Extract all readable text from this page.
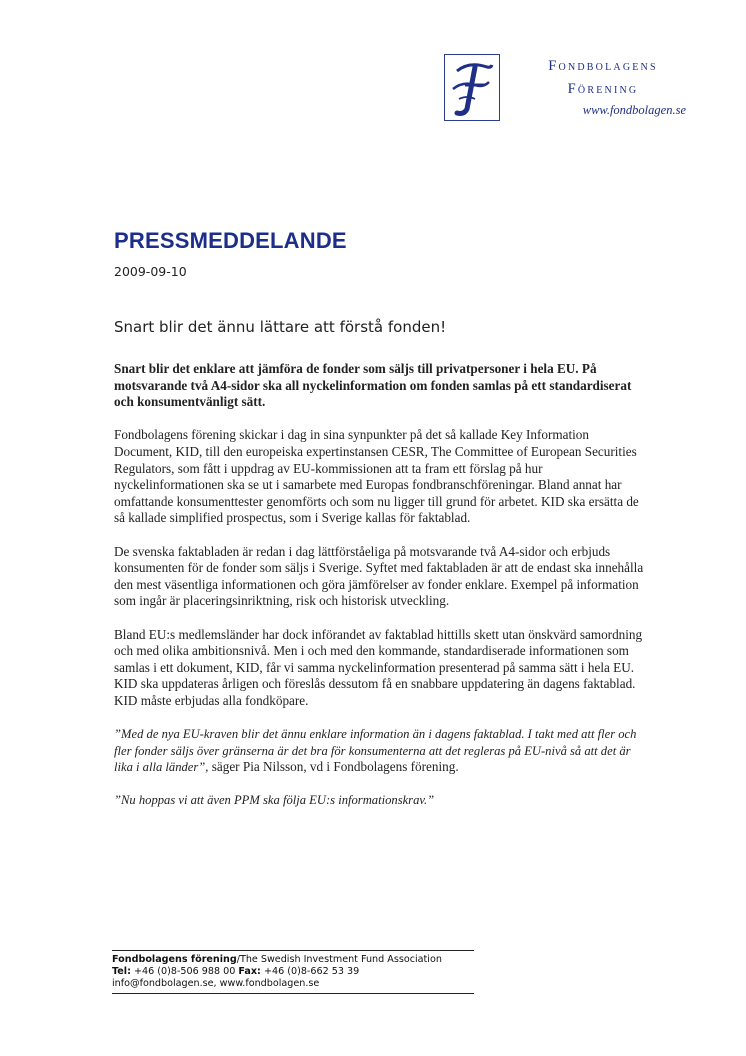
Fondbolagens
Förening
www.fondbolagen.se
PRESSMEDDELANDE
2009-09-10
Snart blir det ännu lättare att förstå fonden!

Snart blir det enklare att jämföra de fonder som säljs till privatpersoner i hela EU. På motsvarande två A4-sidor ska all nyckelinformation om fonden samlas på ett standardiserat och konsumentvänligt sätt.

Fondbolagens förening skickar i dag in sina synpunkter på det så kallade Key Information Document, KID, till den europeiska expertinstansen CESR, The Committee of European Securities Regulators, som fått i uppdrag av EU-kommissionen att ta fram ett förslag på hur nyckelinformationen ska se ut i samarbete med Europas fondbranschföreningar. Bland annat har omfattande konsumenttester genomförts och som nu ligger till grund för arbetet. KID ska ersätta de så kallade simplified prospectus, som i Sverige kallas för faktablad.

De svenska faktabladen är redan i dag lättförståeliga på motsvarande två A4-sidor och erbjuds konsumenten för de fonder som säljs i Sverige. Syftet med faktabladen är att de endast ska innehålla den mest väsentliga informationen och göra jämförelser av fonder enklare. Exempel på information som ingår är placeringsinriktning, risk och historisk utveckling.

Bland EU:s medlemsländer har dock införandet av faktablad hittills skett utan önskvärd samordning och med olika ambitionsnivå. Men i och med den kommande, standardiserade informationen som samlas i ett dokument, KID, får vi samma nyckelinformation presenterad på samma sätt i hela EU. KID ska uppdateras årligen och föreslås dessutom få en snabbare uppdatering än dagens faktablad. KID måste erbjudas alla fondköpare.

”Med de nya EU-kraven blir det ännu enklare information än i dagens faktablad. I takt med att fler och fler fonder säljs över gränserna är det bra för konsumenterna att det regleras på EU-nivå så att det är lika i alla länder”, säger Pia Nilsson, vd i Fondbolagens förening.

”Nu hoppas vi att även PPM ska följa EU:s informationskrav.”

Fondbolagens förening/The Swedish Investment Fund Association
Tel: +46 (0)8-506 988 00 Fax: +46 (0)8-662 53 39
info@fondbolagen.se, www.fondbolagen.se
